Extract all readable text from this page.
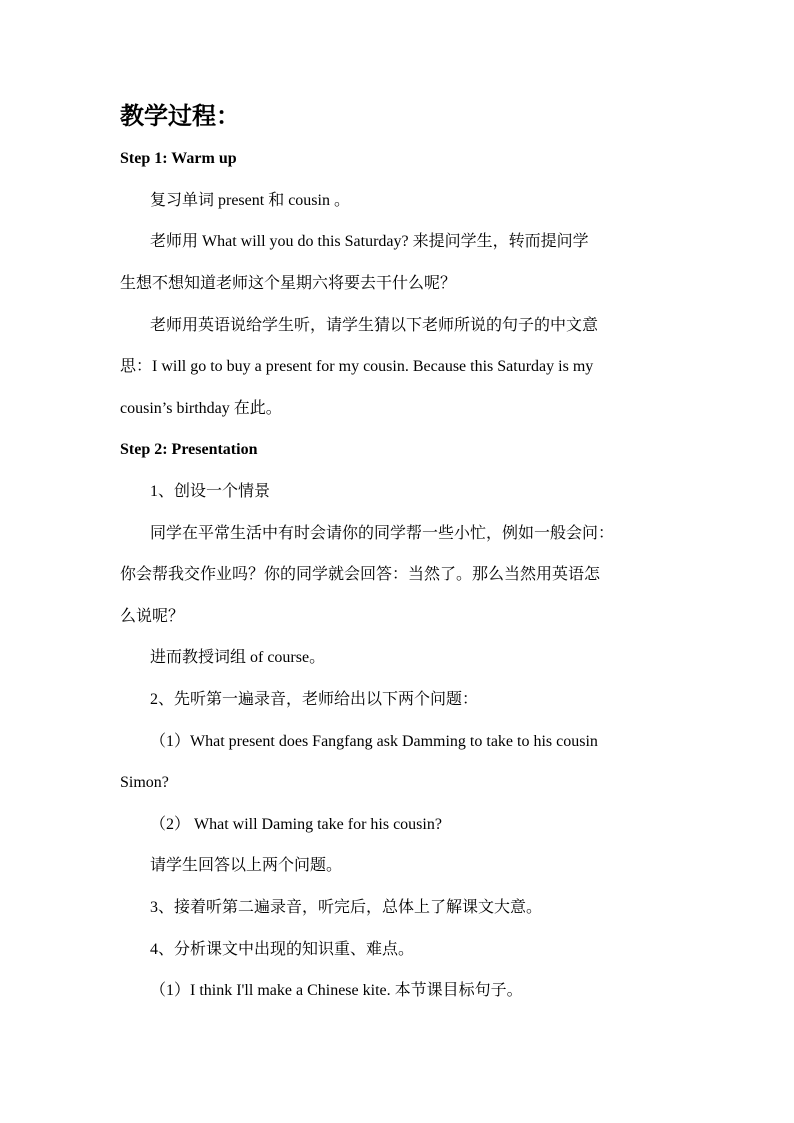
教学过程：

Step 1: Warm up

复习单词 present 和 cousin 。

老师用 What will you do this Saturday? 来提问学生，转而提问学

生想不想知道老师这个星期六将要去干什么呢？

老师用英语说给学生听，请学生猜以下老师所说的句子的中文意

思：I will go to buy a present for my cousin. Because this Saturday is my

cousin’s birthday 在此。

Step 2: Presentation

1、创设一个情景

同学在平常生活中有时会请你的同学帮一些小忙，例如一般会问：

你会帮我交作业吗？你的同学就会回答：当然了。那么当然用英语怎

么说呢？

进而教授词组 of course。

2、先听第一遍录音，老师给出以下两个问题：

（1）What present does Fangfang ask Damming to take to his cousin

Simon?

（2） What will Daming take for his cousin?

请学生回答以上两个问题。

3、接着听第二遍录音，听完后，总体上了解课文大意。

4、分析课文中出现的知识重、难点。

（1）I think I'll make a Chinese kite. 本节课目标句子。
